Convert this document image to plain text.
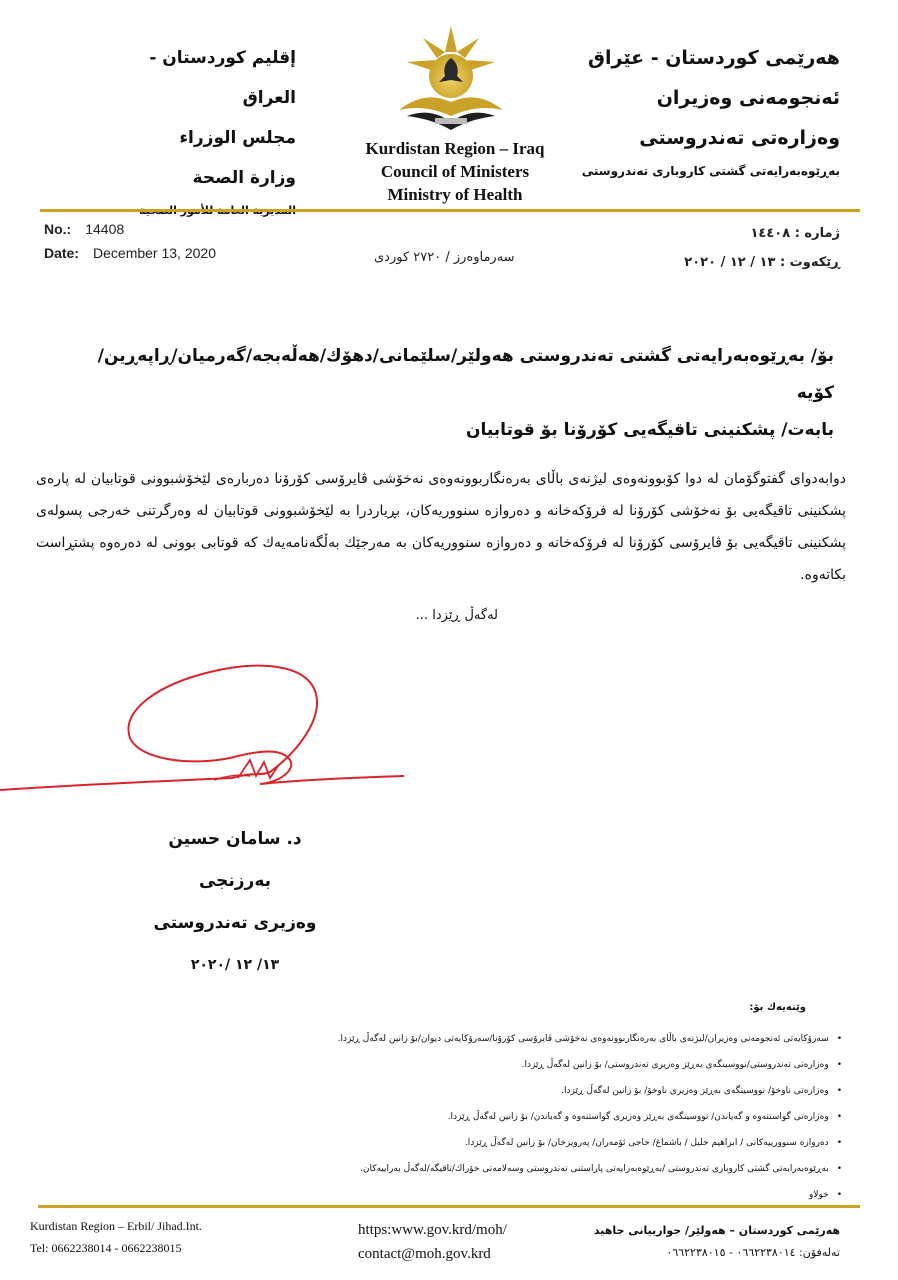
هەرێمی كوردستان - عێراق
ئەنجومەنی وەزیران
وەزارەتی تەندروستی
بەڕێوەبەرایەتی گشتی كاروباری تەندروستی
إقليم كوردستان - العراق
مجلس الوزراء
وزارة الصحة
Kurdistan Region – Iraq
Council of Ministers
Ministry of Health
No.: 14408
Date: December 13, 2020
ژمارە : ١٤٤٠٨
ڕێكەوت : ١٣ / ١٢ / ٢٠٢٠
سەرماوەرز / ٢٧٢٠ كوردی
بۆ/ بەڕێوەبەرایەتی گشتی تەندروستی هەولێر/سلێمانی/دهۆك/هەڵەبجە/گەرمیان/ڕاپەڕین/كۆیە
بابەت/ پشكنینی تاقیگەیی كۆرۆنا بۆ قوتابیان

دوابەدوای گفتوگۆمان لە دوا كۆبوونەوەی لیژنەی باڵای بەرەنگاربوونەوەی نەخۆشی ڤایرۆسی كۆرۆنا دەربارەی لێخۆشبوونی قوتابیان لە پارەی پشكنینی تاقیگەیی بۆ نەخۆشی كۆرۆنا لە فرۆكەخانە و دەروازە سنووریەكان، بڕیاردرا بە لێخۆشبوونی قوتابیان لە وەرگرتنی خەرجی پسولەی پشكنینی تاقیگەیی بۆ ڤایرۆسی كۆرۆنا لە فرۆكەخانە و دەروازە سنووریەكان بە مەرجێك بەڵگەنامەیەك كە قوتابی بوونی لە دەرەوە پشتڕاست بكاتەوە.

لەگەڵ ڕێزدا ...
د. سامان حسین بەرزنجی
وەزیری تەندروستی
١٣/ ١٢ /٢٠٢٠
وێنەیەك بۆ:
•سەرۆكایەتی ئەنجومەنی وەزیران/لیژنەی باڵای بەرەنگاربوونەوەی نەخۆشی ڤایرۆسی كۆرۆنا/سەرۆكایەتی دیوان/بۆ زانین لەگەڵ ڕێزدا.
•وەزارەتی تەندروستی/نووسینگەی بەڕێز وەزیری تەندروستی/ بۆ زانین لەگەڵ ڕێزدا.
•وەزارەتی ناوخۆ/ نووسینگەی بەڕێز وەزیری ناوخۆ/ بۆ زانین لەگەڵ ڕێزدا.
•وەزارەتی گواستنەوە و گەیاندن/ نووسینگەی بەڕێز وەزیری گواستنەوە و گەیاندن/ بۆ زانین لەگەڵ ڕێزدا.
•دەروازە سنوورییەكانی / ابراهیم خلیل / باشماغ/ حاجی ئۆمەران/ پەرویزخان/ بۆ زانین لەگەڵ ڕێزدا.
•بەڕێوەبەرایەتی گشتی كاروباری تەندروستی /بەڕێوەبەرایەتی پاراستنی تەندروستی وسەلامەتی خۆراك/تاقیگە/لەگەڵ بەراییەكان.
•خولاو
Kurdistan Region – Erbil/ Jihad.Int.
Tel: 0662238014 - 0662238015
https:www.gov.krd/moh/
contact@moh.gov.krd
هەرێمی كوردستان – هەولێر/ جوارییانی جاهید
تەلەفۆن: ٠٦٦٢٢٣٨٠١٤ - ٠٦٦٢٢٣٨٠١٥
